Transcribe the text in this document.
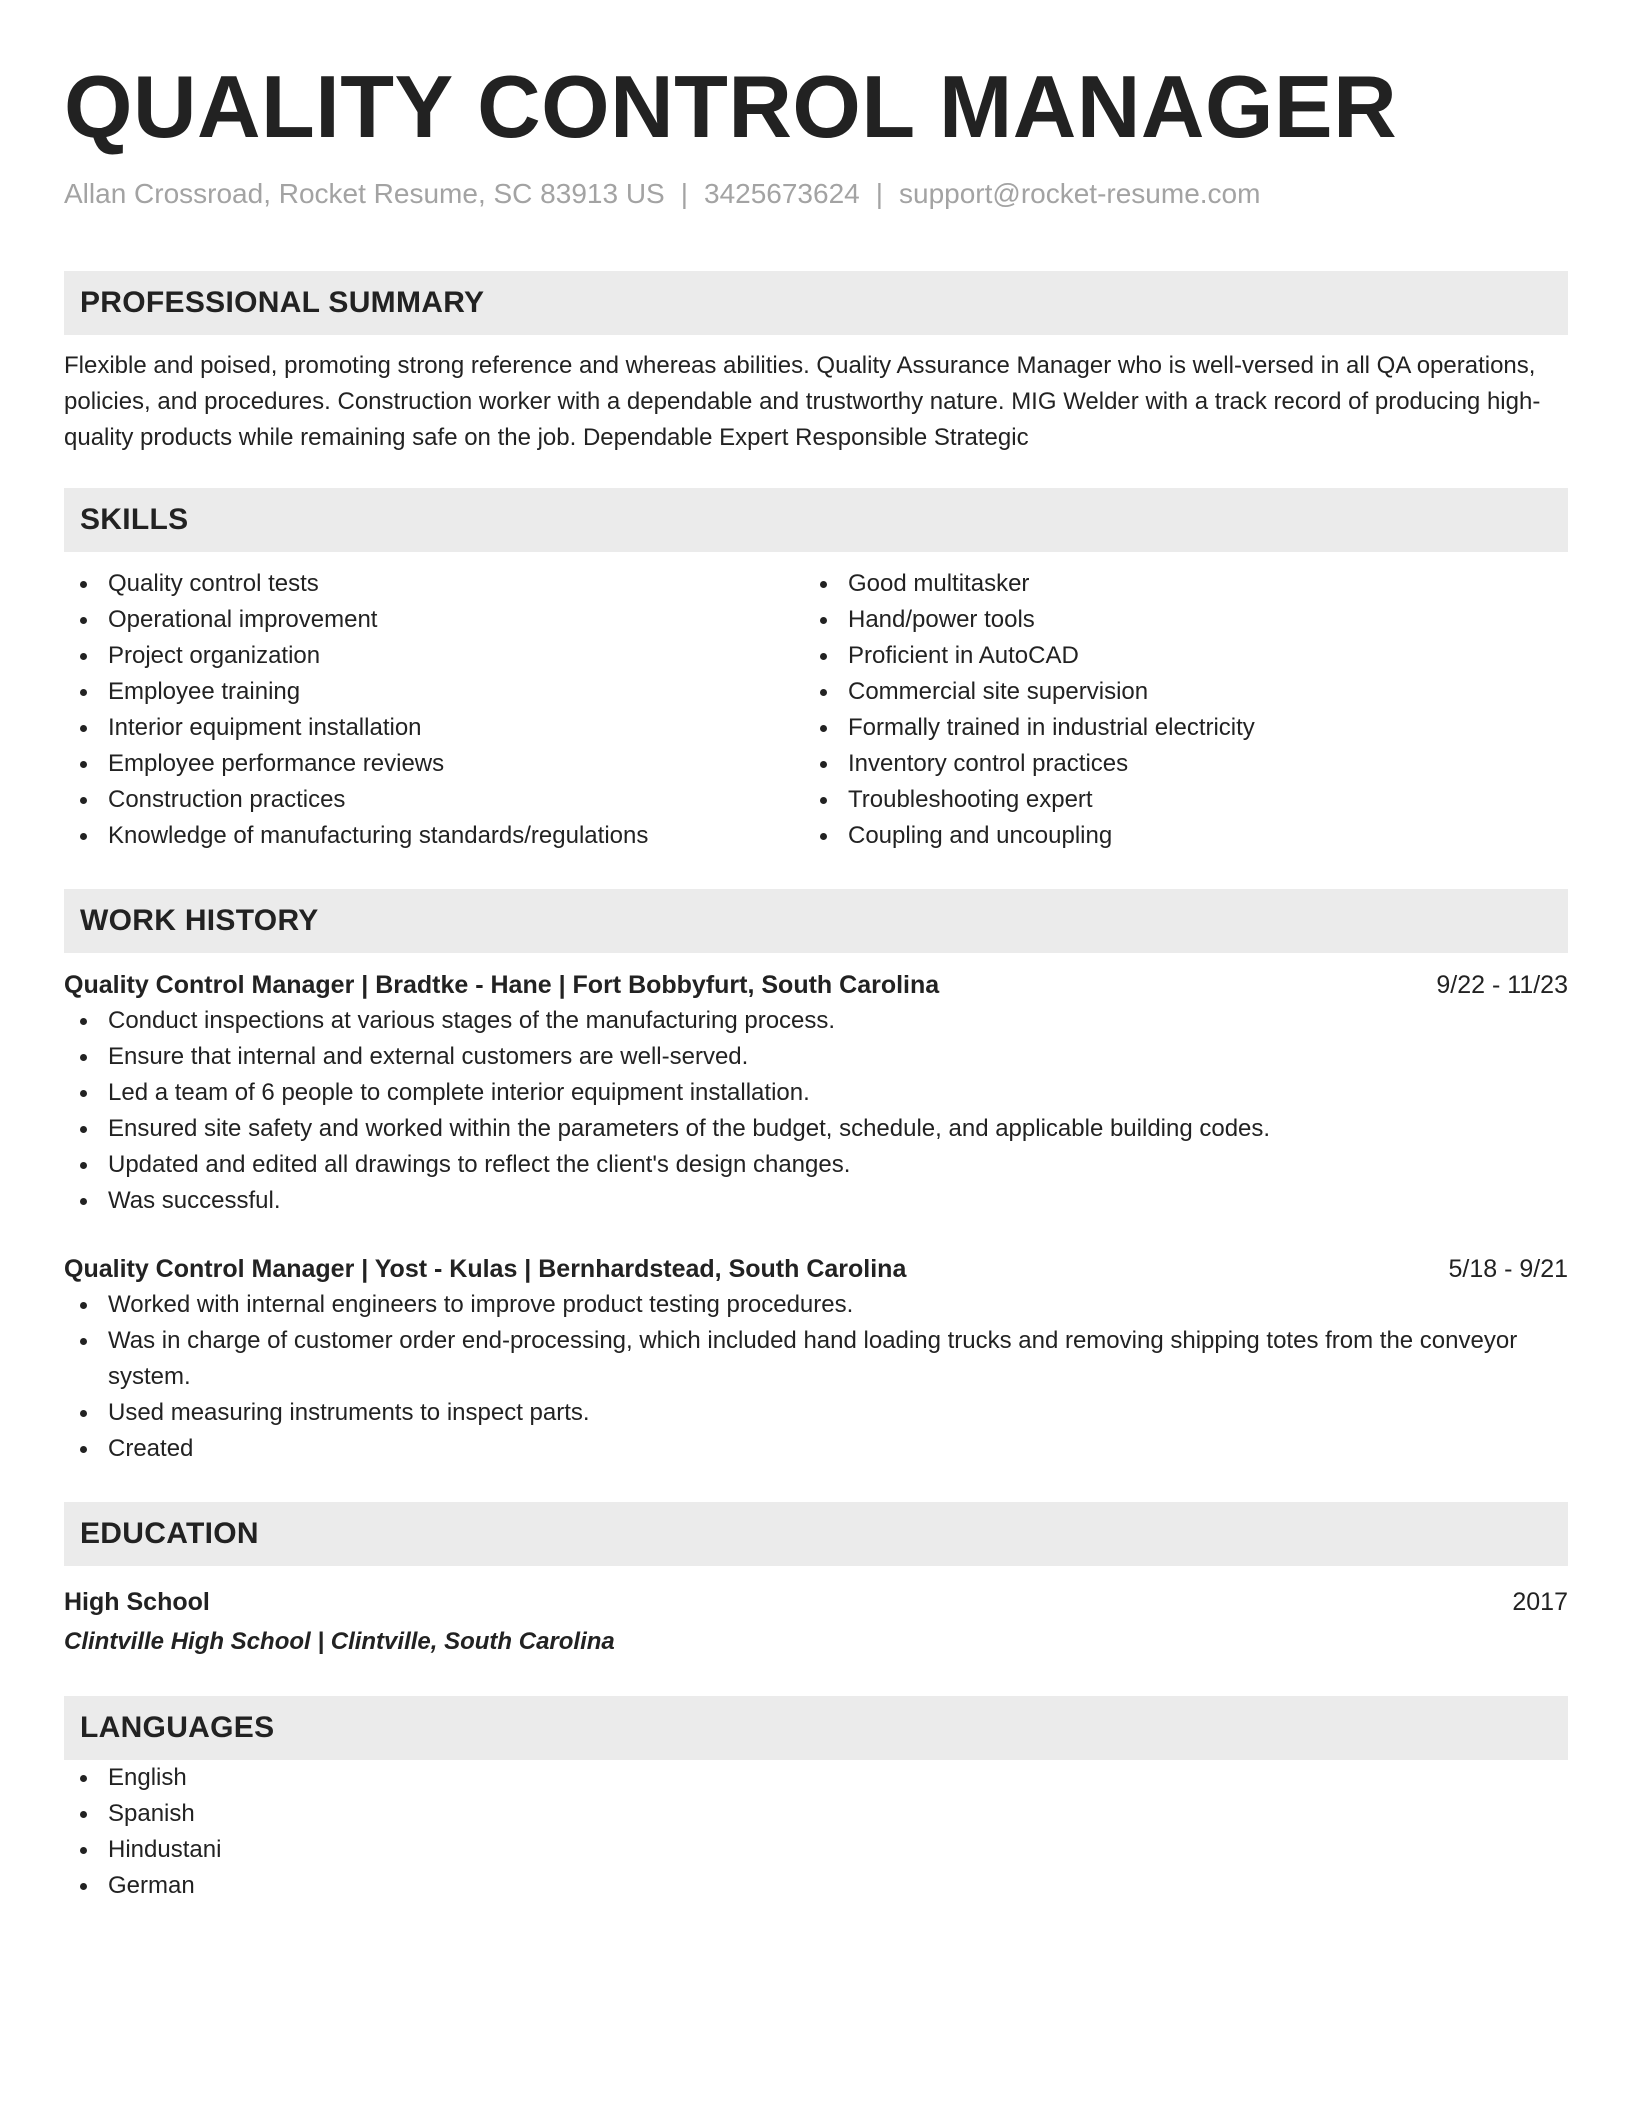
QUALITY CONTROL MANAGER
Allan Crossroad, Rocket Resume, SC 83913 US | 3425673624 | support@rocket-resume.com
PROFESSIONAL SUMMARY
Flexible and poised, promoting strong reference and whereas abilities. Quality Assurance Manager who is well-versed in all QA operations, policies, and procedures. Construction worker with a dependable and trustworthy nature. MIG Welder with a track record of producing high-quality products while remaining safe on the job. Dependable Expert Responsible Strategic
SKILLS
Quality control tests
Operational improvement
Project organization
Employee training
Interior equipment installation
Employee performance reviews
Construction practices
Knowledge of manufacturing standards/regulations
Good multitasker
Hand/power tools
Proficient in AutoCAD
Commercial site supervision
Formally trained in industrial electricity
Inventory control practices
Troubleshooting expert
Coupling and uncoupling
WORK HISTORY
Quality Control Manager | Bradtke - Hane | Fort Bobbyfurt, South Carolina	9/22 - 11/23
Conduct inspections at various stages of the manufacturing process.
Ensure that internal and external customers are well-served.
Led a team of 6 people to complete interior equipment installation.
Ensured site safety and worked within the parameters of the budget, schedule, and applicable building codes.
Updated and edited all drawings to reflect the client's design changes.
Was successful.
Quality Control Manager | Yost - Kulas | Bernhardstead, South Carolina	5/18 - 9/21
Worked with internal engineers to improve product testing procedures.
Was in charge of customer order end-processing, which included hand loading trucks and removing shipping totes from the conveyor system.
Used measuring instruments to inspect parts.
Created
EDUCATION
High School	2017
Clintville High School | Clintville, South Carolina
LANGUAGES
English
Spanish
Hindustani
German
